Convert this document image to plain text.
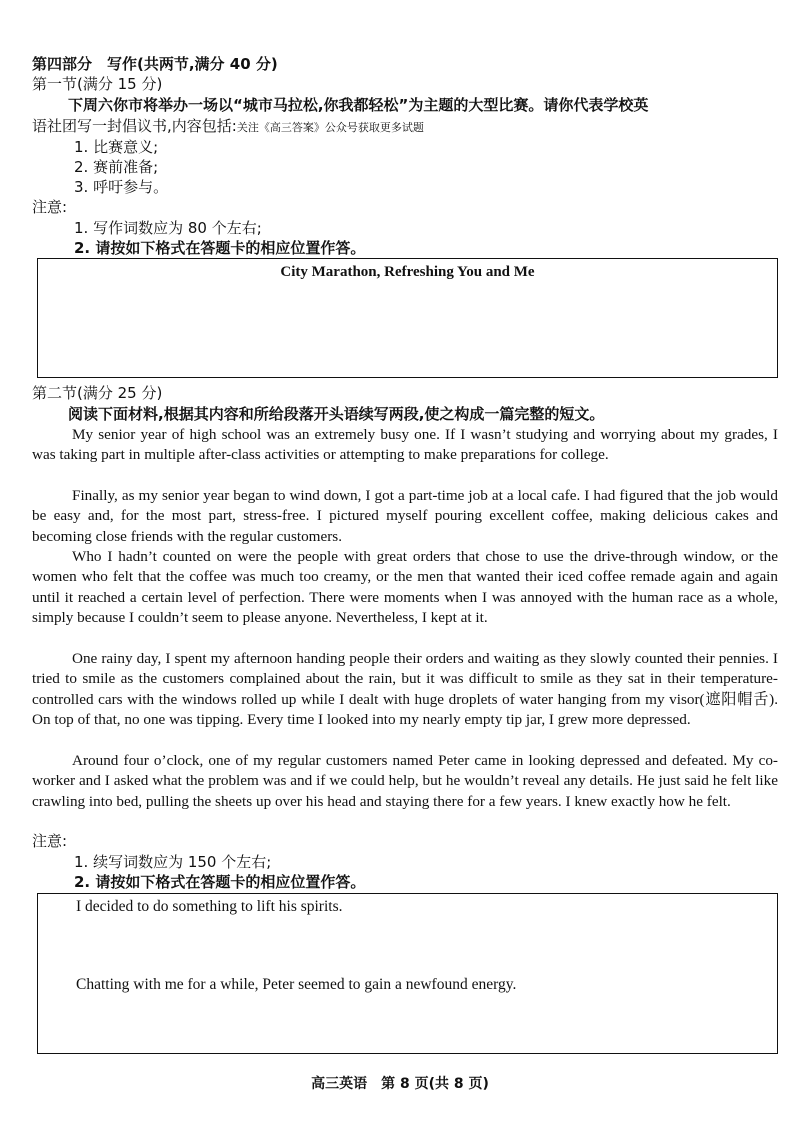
第四部分　写作(共两节,满分 40 分)
第一节(满分 15 分)
下周六你市将举办一场以“城市马拉松,你我都轻松”为主题的大型比赛。请你代表学校英
语社团写一封倡议书,内容包括:关注《高三答案》公众号获取更多试题
1. 比赛意义;
2. 赛前准备;
3. 呼吁参与。
注意:
1. 写作词数应为 80 个左右;
2. 请按如下格式在答题卡的相应位置作答。
City Marathon, Refreshing You and Me
第二节(满分 25 分)
阅读下面材料,根据其内容和所给段落开头语续写两段,使之构成一篇完整的短文。

My senior year of high school was an extremely busy one. If I wasn’t studying and worrying about my grades, I was taking part in multiple after-class activities or attempting to make preparations for college.

Finally, as my senior year began to wind down, I got a part-time job at a local cafe. I had figured that the job would be easy and, for the most part, stress-free. I pictured myself pouring excellent coffee, making delicious cakes and becoming close friends with the regular customers.

Who I hadn’t counted on were the people with great orders that chose to use the drive-through window, or the women who felt that the coffee was much too creamy, or the men that wanted their iced coffee remade again and again until it reached a certain level of perfection. There were moments when I was annoyed with the human race as a whole, simply because I couldn’t seem to please anyone. Nevertheless, I kept at it.

One rainy day, I spent my afternoon handing people their orders and waiting as they slowly counted their pennies. I tried to smile as the customers complained about the rain, but it was difficult to smile as they sat in their temperature-controlled cars with the windows rolled up while I dealt with huge droplets of water hanging from my visor(遮阳帽舌). On top of that, no one was tipping. Every time I looked into my nearly empty tip jar, I grew more depressed.

Around four o’clock, one of my regular customers named Peter came in looking depressed and defeated. My co-worker and I asked what the problem was and if we could help, but he wouldn’t reveal any details. He just said he felt like crawling into bed, pulling the sheets up over his head and staying there for a few years. I knew exactly how he felt.

注意:
1. 续写词数应为 150 个左右;
2. 请按如下格式在答题卡的相应位置作答。
I decided to do something to lift his spirits.
Chatting with me for a while, Peter seemed to gain a newfound energy.
高三英语　第 8 页(共 8 页)
